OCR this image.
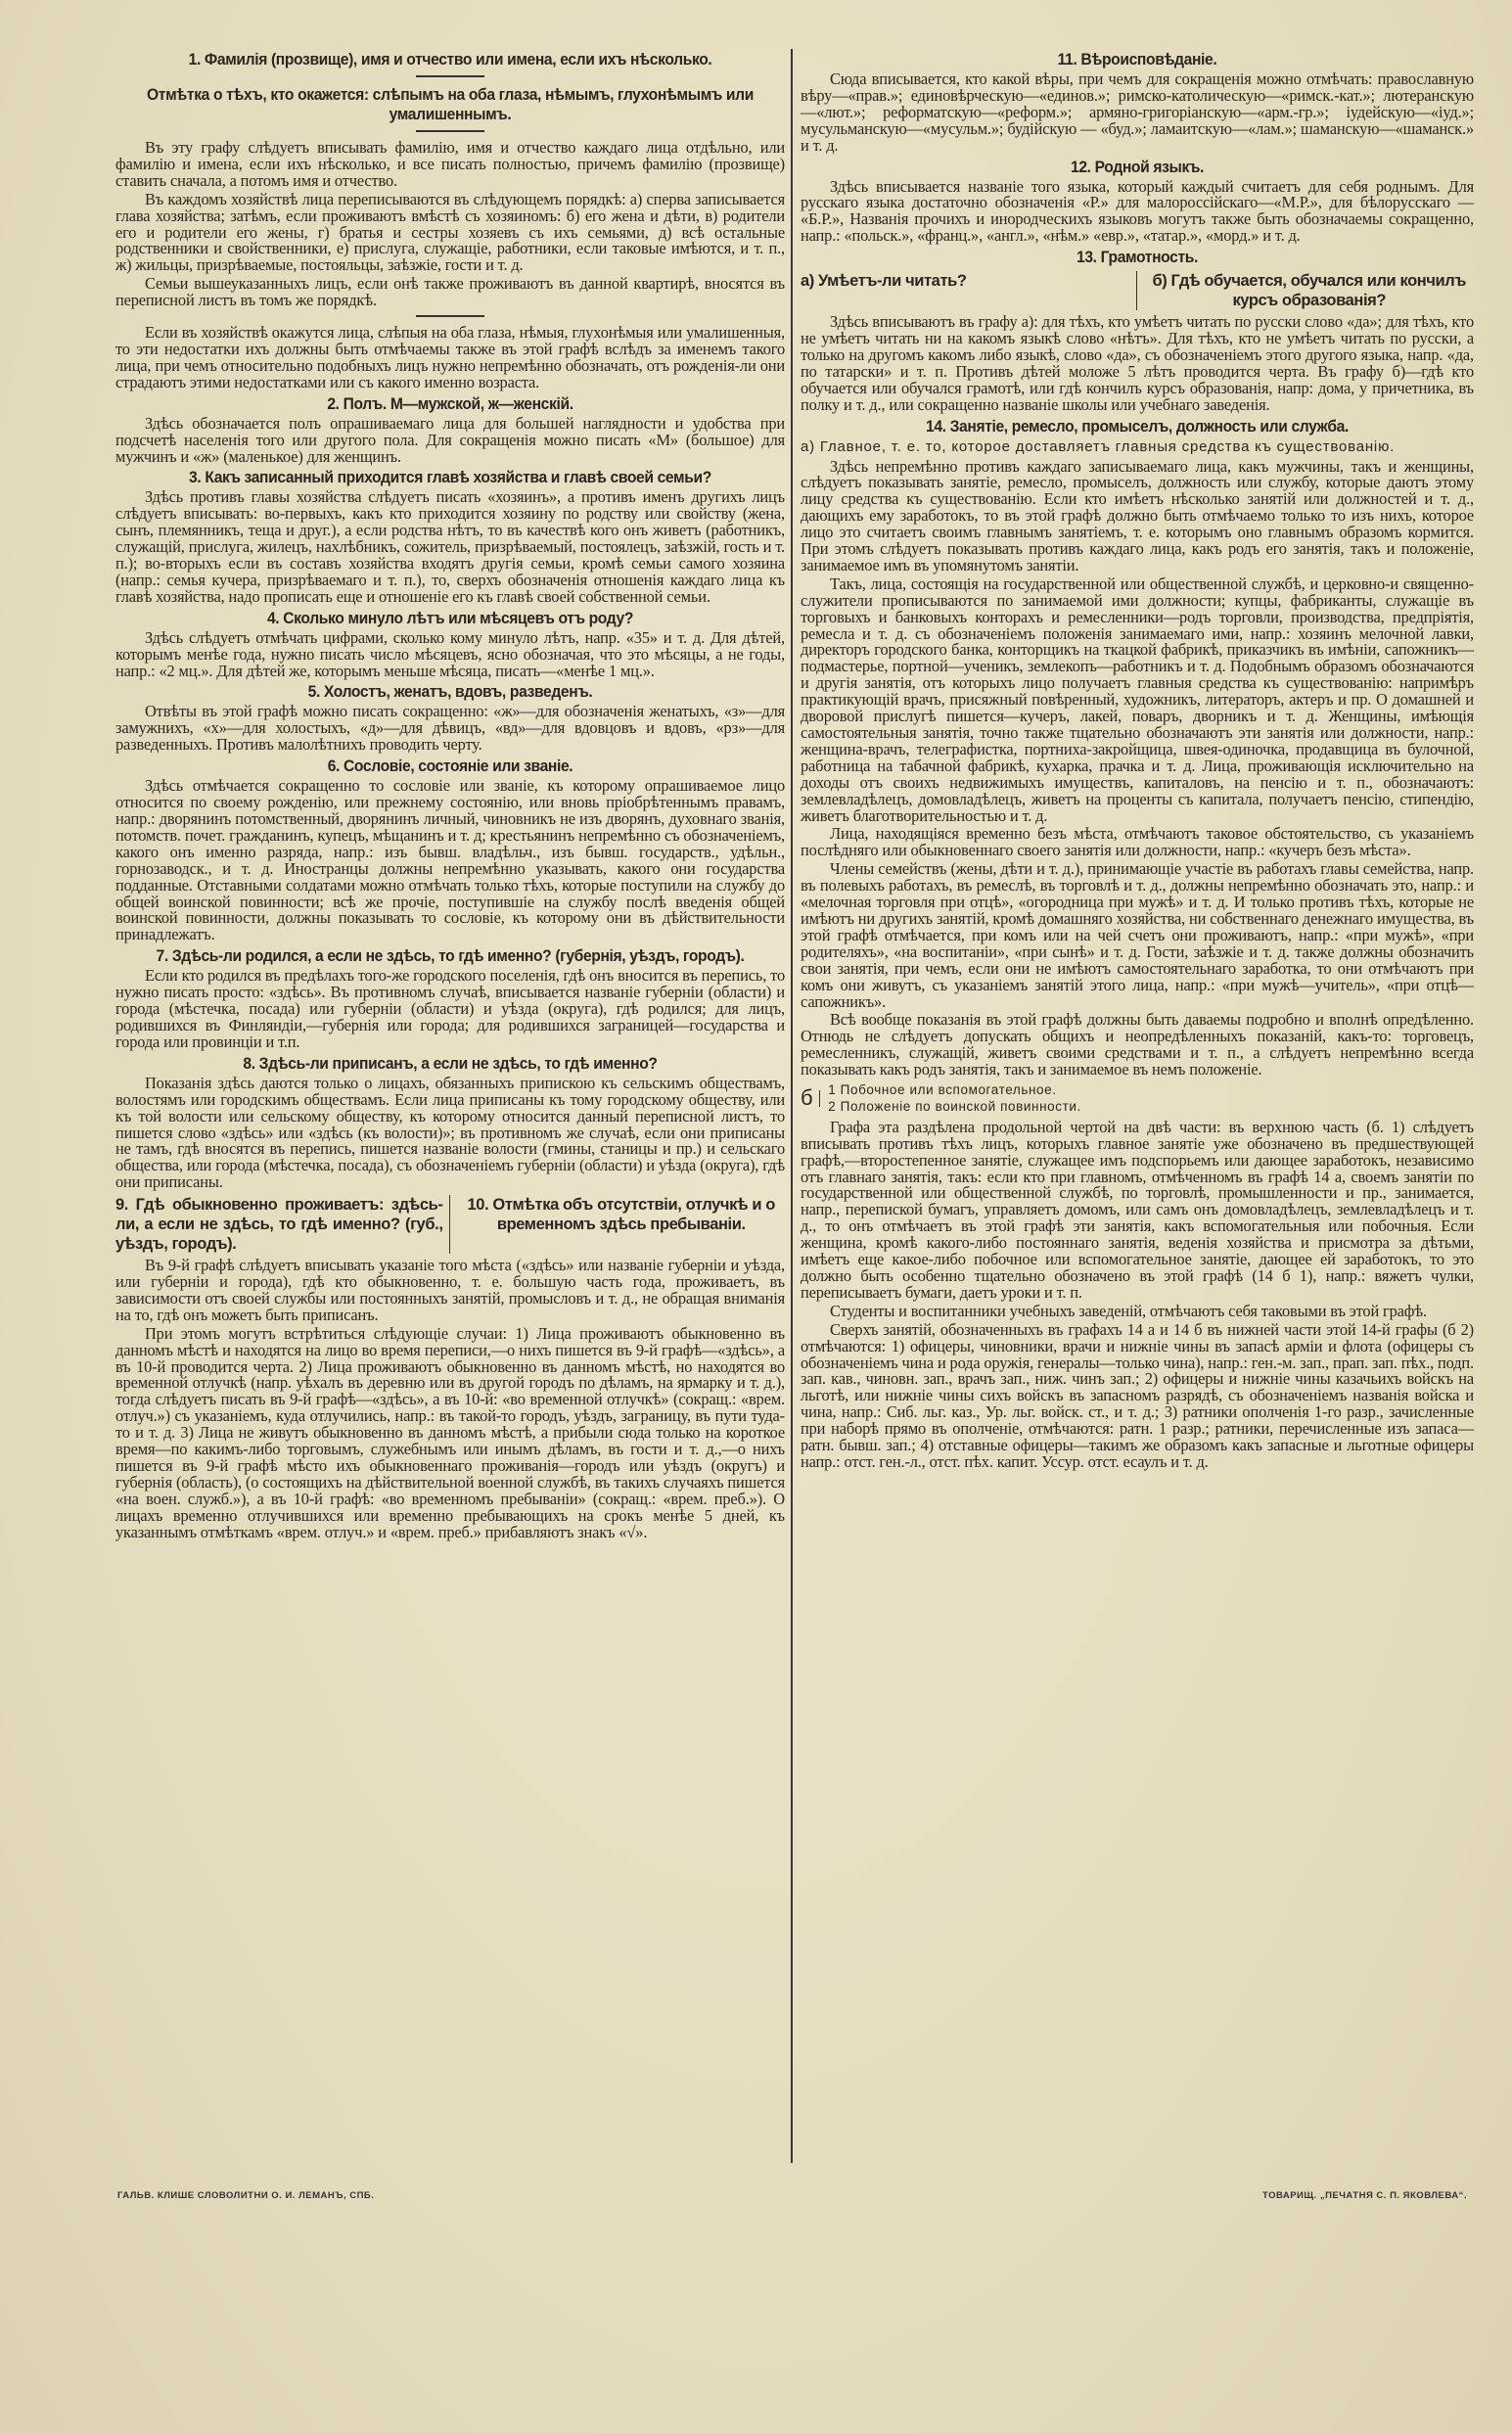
1. Фамилія (прозвище), имя и отчество или имена, если ихъ нѣсколько.
Отмѣтка о тѣхъ, кто окажется: слѣпымъ на оба глаза, нѣмымъ, глухонѣмымъ или умалишеннымъ.

Въ эту графу слѣдуетъ вписывать фамилію, имя и отчество каждаго лица отдѣльно, или фамилію и имена, если ихъ нѣсколько, и все писать полностью, причемъ фамилію (прозвище) ставить сначала, а потомъ имя и отчество.

Въ каждомъ хозяйствѣ лица переписываются въ слѣдующемъ порядкѣ: а) сперва записывается глава хозяйства; затѣмъ, если проживаютъ вмѣстѣ съ хозяиномъ: б) его жена и дѣти, в) родители его и родители его жены, г) братья и сестры хозяевъ съ ихъ семьями, д) всѣ остальные родственники и свойственники, е) прислуга, служащіе, работники, если таковые имѣются, и т. п., ж) жильцы, призрѣваемые, постояльцы, заѣзжіе, гости и т. д.

Семьи вышеуказанныхъ лицъ, если онѣ также проживаютъ въ данной квартирѣ, вносятся въ переписной листъ въ томъ же порядкѣ.

Если въ хозяйствѣ окажутся лица, слѣпыя на оба глаза, нѣмыя, глухонѣмыя или умалишенныя, то эти недостатки ихъ должны быть отмѣчаемы также въ этой графѣ вслѣдъ за именемъ такого лица, при чемъ относительно подобныхъ лицъ нужно непремѣнно обозначать, отъ рожденія-ли они страдаютъ этими недостатками или съ какого именно возраста.

2. Полъ. М—мужской, ж—женскій.

Здѣсь обозначается полъ опрашиваемаго лица для большей наглядности и удобства при подсчетѣ населенія того или другого пола. Для сокращенія можно писать «М» (большое) для мужчинъ и «ж» (маленькое) для женщинъ.

3. Какъ записанный приходится главѣ хозяйства и главѣ своей семьи?

Здѣсь противъ главы хозяйства слѣдуетъ писать «хозяинъ», а противъ именъ другихъ лицъ слѣдуетъ вписывать: во-первыхъ, какъ кто приходится хозяину по родству или свойству (жена, сынъ, племянникъ, теща и друг.), а если родства нѣтъ, то въ качествѣ кого онъ живетъ (работникъ, служащій, прислуга, жилецъ, нахлѣбникъ, сожитель, призрѣваемый, постоялецъ, заѣзжій, гость и т. п.); во-вторыхъ если въ составъ хозяйства входятъ другія семьи, кромѣ семьи самого хозяина (напр.: семья кучера, призрѣваемаго и т. п.), то, сверхъ обозначенія отношенія каждаго лица къ главѣ хозяйства, надо прописать еще и отношеніе его къ главѣ своей собственной семьи.

4. Сколько минуло лѣтъ или мѣсяцевъ отъ роду?

Здѣсь слѣдуетъ отмѣчать цифрами, сколько кому минуло лѣтъ, напр. «35» и т. д. Для дѣтей, которымъ менѣе года, нужно писать число мѣсяцевъ, ясно обозначая, что это мѣсяцы, а не годы, напр.: «2 мц.». Для дѣтей же, которымъ меньше мѣсяца, писать—«менѣе 1 мц.».

5. Холостъ, женатъ, вдовъ, разведенъ.

Отвѣты въ этой графѣ можно писать сокращенно: «ж»—для обозначенія женатыхъ, «з»—для замужнихъ, «х»—для холостыхъ, «д»—для дѣвицъ, «вд»—для вдовцовъ и вдовъ, «рз»—для разведенныхъ. Противъ малолѣтнихъ проводить черту.

6. Сословіе, состояніе или званіе.

Здѣсь отмѣчается сокращенно то сословіе или званіе, къ которому опрашиваемое лицо относится по своему рожденію, или прежнему состоянію, или вновь пріобрѣтеннымъ правамъ, напр.: дворянинъ потомственный, дворянинъ личный, чиновникъ не изъ дворянъ, духовнаго званія, потомств. почет. гражданинъ, купецъ, мѣщанинъ и т. д; крестьянинъ непремѣнно съ обозначеніемъ, какого онъ именно разряда, напр.: изъ бывш. владѣльч., изъ бывш. государств., удѣльн., горнозаводск., и т. д. Иностранцы должны непремѣнно указывать, какого они государства подданные. Отставными солдатами можно отмѣчать только тѣхъ, которые поступили на службу до общей воинской повинности; всѣ же прочіе, поступившіе на службу послѣ введенія общей воинской повинности, должны показывать то сословіе, къ которому они въ дѣйствительности принадлежатъ.

7. Здѣсь-ли родился, а если не здѣсь, то гдѣ именно? (губернія, уѣздъ, городъ).

Если кто родился въ предѣлахъ того-же городского поселенія, гдѣ онъ вносится въ перепись, то нужно писать просто: «здѣсь». Въ противномъ случаѣ, вписывается названіе губерніи (области) и города (мѣстечка, посада) или губерніи (области) и уѣзда (округа), гдѣ родился; для лицъ, родившихся въ Финляндіи,—губернія или города; для родившихся заграницей—государства и города или провинціи и т.п.

8. Здѣсь-ли приписанъ, а если не здѣсь, то гдѣ именно?

Показанія здѣсь даются только о лицахъ, обязанныхъ припискою къ сельскимъ обществамъ, волостямъ или городскимъ обществамъ. Если лица приписаны къ тому городскому обществу, или къ той волости или сельскому обществу, къ которому относится данный переписной листъ, то пишется слово «здѣсь» или «здѣсь (къ волости)»; въ противномъ же случаѣ, если они приписаны не тамъ, гдѣ вносятся въ перепись, пишется названіе волости (гмины, станицы и пр.) и сельскаго общества, или города (мѣстечка, посада), съ обозначеніемъ губерніи (области) и уѣзда (округа), гдѣ они приписаны.

9. Гдѣ обыкновенно проживаетъ: здѣсь-ли, а если не здѣсь, то гдѣ именно? (губ., уѣздъ, городъ).
10. Отмѣтка объ отсутствіи, отлучкѣ и о временномъ здѣсь пребываніи.

Въ 9-й графѣ слѣдуетъ вписывать указаніе того мѣста («здѣсь» или названіе губерніи и уѣзда, или губерніи и города), гдѣ кто обыкновенно, т. е. большую часть года, проживаетъ, въ зависимости отъ своей службы или постоянныхъ занятій, промысловъ и т. д., не обращая вниманія на то, гдѣ онъ можетъ быть приписанъ.

При этомъ могутъ встрѣтиться слѣдующіе случаи: 1) Лица проживаютъ обыкновенно въ данномъ мѣстѣ и находятся на лицо во время переписи,—о нихъ пишется въ 9-й графѣ—«здѣсь», а въ 10-й проводится черта. 2) Лица проживаютъ обыкновенно въ данномъ мѣстѣ, но находятся во временной отлучкѣ (напр. уѣхалъ въ деревню или въ другой городъ по дѣламъ, на ярмарку и т. д.), тогда слѣдуетъ писать въ 9-й графѣ—«здѣсь», а въ 10-й: «во временной отлучкѣ» (сокращ.: «врем. отлуч.») съ указаніемъ, куда отлучились, напр.: въ такой-то городъ, уѣздъ, заграницу, въ пути туда-то и т. д. 3) Лица не живутъ обыкновенно въ данномъ мѣстѣ, а прибыли сюда только на короткое время—по какимъ-либо торговымъ, служебнымъ или инымъ дѣламъ, въ гости и т. д.,—о нихъ пишется въ 9-й графѣ мѣсто ихъ обыкновеннаго проживанія—городъ или уѣздъ (округъ) и губернія (область), (о состоящихъ на дѣйствительной военной службѣ, въ такихъ случаяхъ пишется «на воен. служб.»), а въ 10-й графѣ: «во временномъ пребываніи» (сокращ.: «врем. преб.»). О лицахъ временно отлучившихся или временно пребывающихъ на срокъ менѣе 5 дней, къ указаннымъ отмѣткамъ «врем. отлуч.» и «врем. преб.» прибавляютъ знакъ «√».

11. Вѣроисповѣданіе.

Сюда вписывается, кто какой вѣры, при чемъ для сокращенія можно отмѣчать: православную вѣру—«прав.»; единовѣрческую—«единов.»; римско-католическую—«римск.-кат.»; лютеранскую—«лют.»; реформатскую—«реформ.»; армяно-григоріанскую—«арм.-гр.»; іудейскую—«іуд.»; мусульманскую—«мусульм.»; будійскую — «буд.»; ламаитскую—«лам.»; шаманскую—«шаманск.» и т. д.

12. Родной языкъ.

Здѣсь вписывается названіе того языка, который каждый считаетъ для себя роднымъ. Для русскаго языка достаточно обозначенія «Р.» для малороссійскаго—«М.Р.», для бѣлорусскаго — «Б.Р.», Названія прочихъ и инородческихъ языковъ могутъ также быть обозначаемы сокращенно, напр.: «польск.», «франц.», «англ.», «нѣм.» «евр.», «татар.», «морд.» и т. д.

13. Грамотность.
а) Умѣетъ-ли читать?	б) Гдѣ обучается, обучался или кончилъ курсъ образованія?

Здѣсь вписываютъ въ графу а): для тѣхъ, кто умѣетъ читать по русски слово «да»; для тѣхъ, кто не умѣетъ читать ни на какомъ языкѣ слово «нѣтъ». Для тѣхъ, кто не умѣетъ читать по русски, а только на другомъ какомъ либо языкѣ, слово «да», съ обозначеніемъ этого другого языка, напр. «да, по татарски» и т. п. Противъ дѣтей моложе 5 лѣтъ проводится черта. Въ графу б)—гдѣ кто обучается или обучался грамотѣ, или гдѣ кончилъ курсъ образованія, напр: дома, у причетника, въ полку и т. д., или сокращенно названіе школы или учебнаго заведенія.

14. Занятіе, ремесло, промыселъ, должность или служба.
а) Главное, т. е. то, которое доставляетъ главныя средства къ существованію.

Здѣсь непремѣнно противъ каждаго записываемаго лица, какъ мужчины, такъ и женщины, слѣдуетъ показывать занятіе, ремесло, промыселъ, должность или службу, которые даютъ этому лицу средства къ существованію. Если кто имѣетъ нѣсколько занятій или должностей и т. д., дающихъ ему заработокъ, то въ этой графѣ должно быть отмѣчаемо только то изъ нихъ, которое лицо это считаетъ своимъ главнымъ занятіемъ, т. е. которымъ оно главнымъ образомъ кормится. При этомъ слѣдуетъ показывать противъ каждаго лица, какъ родъ его занятія, такъ и положеніе, занимаемое имъ въ упомянутомъ занятіи.

Такъ, лица, состоящія на государственной или общественной службѣ, и церковно-и священно-служители прописываются по занимаемой ими должности; купцы, фабриканты, служащіе въ торговыхъ и банковыхъ конторахъ и ремесленники—родъ торговли, производства, предпріятія, ремесла и т. д. съ обозначеніемъ положенія занимаемаго ими, напр.: хозяинъ мелочной лавки, директоръ городского банка, конторщикъ на ткацкой фабрикѣ, приказчикъ въ имѣніи, сапожникъ—подмастерье, портной—ученикъ, землекопъ—работникъ и т. д. Подобнымъ образомъ обозначаются и другія занятія, отъ которыхъ лицо получаетъ главныя средства къ существованію: напримѣръ практикующій врачъ, присяжный повѣренный, художникъ, литераторъ, актеръ и пр. О домашней и дворовой прислугѣ пишется—кучеръ, лакей, поваръ, дворникъ и т. д. Женщины, имѣющія самостоятельныя занятія, точно также тщательно обозначаютъ эти занятія или должности, напр.: женщина-врачъ, телеграфистка, портниха-закройщица, швея-одиночка, продавщица въ булочной, работница на табачной фабрикѣ, кухарка, прачка и т. д. Лица, проживающія исключительно на доходы отъ своихъ недвижимыхъ имуществъ, капиталовъ, на пенсію и т. п., обозначаютъ: землевладѣлецъ, домовладѣлецъ, живетъ на проценты съ капитала, получаетъ пенсію, стипендію, живетъ благотворительностью и т. д.

Лица, находящіяся временно безъ мѣста, отмѣчаютъ таковое обстоятельство, съ указаніемъ послѣдняго или обыкновеннаго своего занятія или должности, напр.: «кучеръ безъ мѣста».

Члены семействъ (жены, дѣти и т. д.), принимающіе участіе въ работахъ главы семейства, напр. въ полевыхъ работахъ, въ ремеслѣ, въ торговлѣ и т. д., должны непремѣнно обозначать это, напр.: и «мелочная торговля при отцѣ», «огородница при мужѣ» и т. д. И только противъ тѣхъ, которые не имѣютъ ни другихъ занятій, кромѣ домашняго хозяйства, ни собственнаго денежнаго имущества, въ этой графѣ отмѣчается, при комъ или на чей счетъ они проживаютъ, напр.: «при мужѣ», «при родителяхъ», «на воспитаніи», «при сынѣ» и т. д. Гости, заѣзжіе и т. д. также должны обозначить свои занятія, при чемъ, если они не имѣютъ самостоятельнаго заработка, то они отмѣчаютъ при комъ они живутъ, съ указаніемъ занятій этого лица, напр.: «при мужѣ—учитель», «при отцѣ—сапожникъ».

Всѣ вообще показанія въ этой графѣ должны быть даваемы подробно и вполнѣ опредѣленно. Отнюдь не слѣдуетъ допускать общихъ и неопредѣленныхъ показаній, какъ-то: торговецъ, ремесленникъ, служащій, живетъ своими средствами и т. п., а слѣдуетъ непремѣнно всегда показывать какъ родъ занятія, такъ и занимаемое въ немъ положеніе.

б	1 Побочное или вспомогательное.
2 Положеніе по воинской повинности.

Графа эта раздѣлена продольной чертой на двѣ части: въ верхнюю часть (б. 1) слѣдуетъ вписывать противъ тѣхъ лицъ, которыхъ главное занятіе уже обозначено въ предшествующей графѣ,—второстепенное занятіе, служащее имъ подспорьемъ или дающее заработокъ, независимо отъ главнаго занятія, такъ: если кто при главномъ, отмѣченномъ въ графѣ 14 а, своемъ занятіи по государственной или общественной службѣ, по торговлѣ, промышленности и пр., занимается, напр., перепиской бумагъ, управляетъ домомъ, или самъ онъ домовладѣлецъ, землевладѣлецъ и т. д., то онъ отмѣчаетъ въ этой графѣ эти занятія, какъ вспомогательныя или побочныя. Если женщина, кромѣ какого-либо постояннаго занятія, веденія хозяйства и присмотра за дѣтьми, имѣетъ еще какое-либо побочное или вспомогательное занятіе, дающее ей заработокъ, то это должно быть особенно тщательно обозначено въ этой графѣ (14 б 1), напр.: вяжетъ чулки, переписываетъ бумаги, даетъ уроки и т. п.

Студенты и воспитанники учебныхъ заведеній, отмѣчаютъ себя таковыми въ этой графѣ.

Сверхъ занятій, обозначенныхъ въ графахъ 14 а и 14 б въ нижней части этой 14-й графы (б 2) отмѣчаются: 1) офицеры, чиновники, врачи и нижніе чины въ запасѣ арміи и флота (офицеры съ обозначеніемъ чина и рода оружія, генералы—только чина), напр.: ген.-м. зап., прап. зап. пѣх., подп. зап. кав., чиновн. зап., врачъ зап., ниж. чинъ зап.; 2) офицеры и нижніе чины казачьихъ войскъ на льготѣ, или нижніе чины сихъ войскъ въ запасномъ разрядѣ, съ обозначеніемъ названія войска и чина, напр.: Сиб. льг. каз., Ур. льг. войск. ст., и т. д.; 3) ратники ополченія 1-го разр., зачисленные при наборѣ прямо въ ополченіе, отмѣчаются: ратн. 1 разр.; ратники, перечисленные изъ запаса—ратн. бывш. зап.; 4) отставные офицеры—такимъ же образомъ какъ запасные и льготные офицеры напр.: отст. ген.-л., отст. пѣх. капит. Уссур. отст. есаулъ и т. д.

ГАЛЬВ. КЛИШЕ СЛОВОЛИТНИ О. И. ЛЕМАНЪ, СПБ.	ТОВАРИЩ. „ПЕЧАТНЯ С. П. ЯКОВЛЕВА“.
